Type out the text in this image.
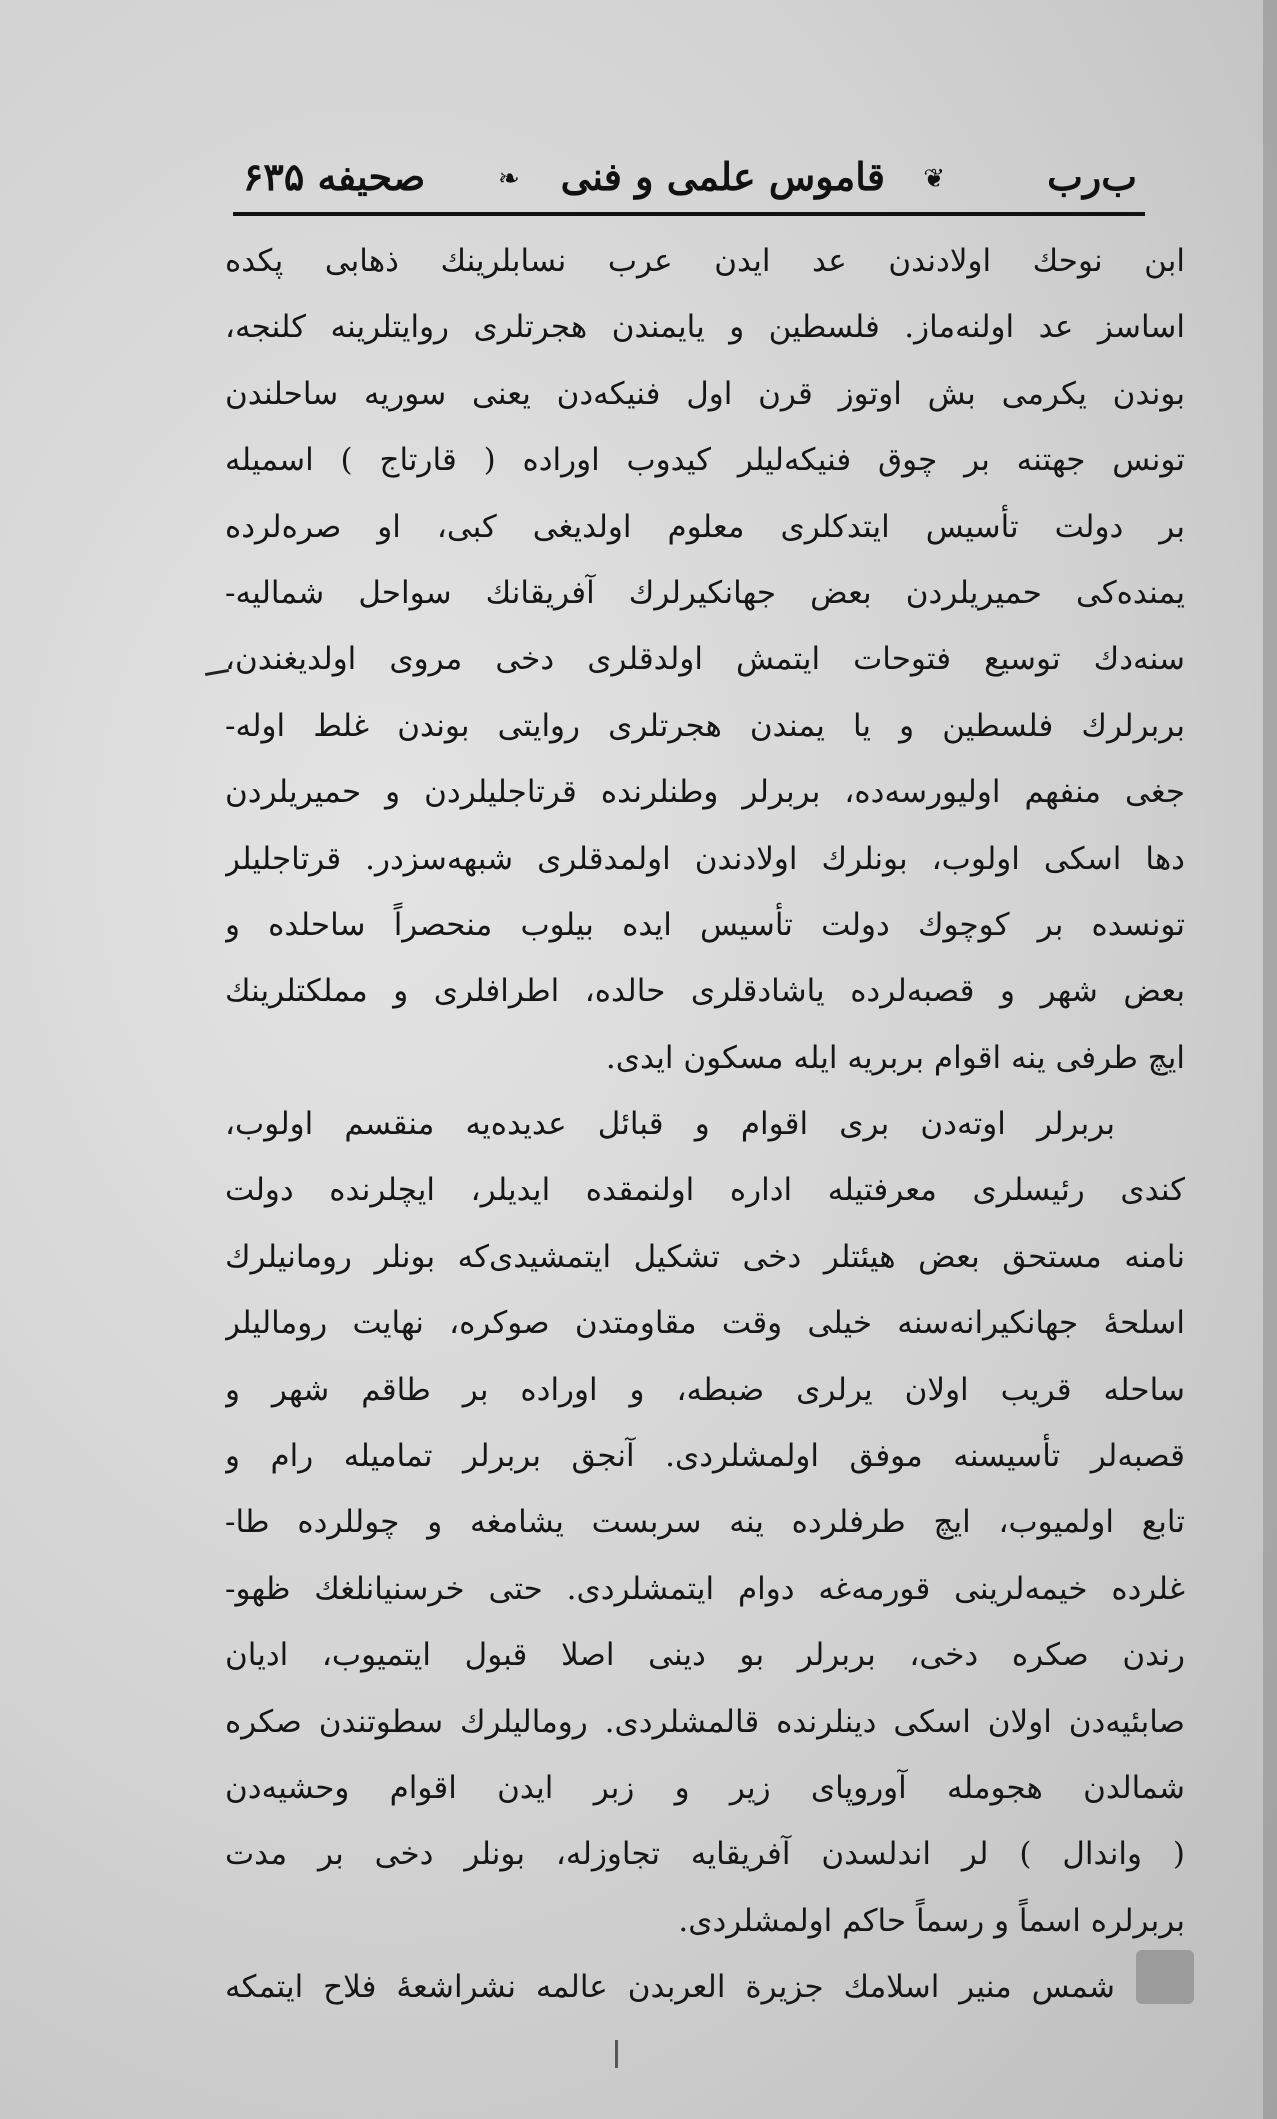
ب‌رب
❦
قاموس علمى و فنى
❧
صحيفه ۶۳۵
ابن نوحك اولادندن عد ايدن عرب نسابلرينك ذهابى پكده
اساسز عد اولنه‌ماز. فلسطين و يايمندن هجرتلرى روايتلرينه كلنجه،
بوندن يكرمى بش اوتوز قرن اول فنيكه‌دن يعنى سوريه ساحلندن
تونس جهتنه بر چوق فنيكه‌ليلر كيدوب اوراده ( قارتاج ) اسميله
بر دولت تأسيس ايتدكلرى معلوم اولديغى كبى، او صره‌لرده
يمنده‌كى حميريلردن بعض جهانكيرلرك آفريقانك سواحل شماليه-
سنه‌دك توسيع فتوحات ايتمش اولدقلرى دخى مروى اولديغندن،
بربرلرك فلسطين و يا يمندن هجرتلرى روايتى بوندن غلط اوله-
جغى منفهم اوليورسه‌ده، بربرلر وطنلرنده قرتاجليلردن و حميريلردن
دها اسكى اولوب، بونلرك اولادندن اولمدقلرى شبهه‌سزدر. قرتاجليلر
تونسده بر كوچوك دولت تأسيس ايده بيلوب منحصراً ساحلده و
بعض شهر و قصبه‌لرده ياشادقلرى حالده، اطرافلرى و مملكتلرينك
ايچ طرفى ينه اقوام بربريه ايله مسكون ايدى.
بربرلر اوته‌دن برى اقوام و قبائل عديده‌يه منقسم اولوب،
كندى رئيسلرى معرفتيله اداره اولنمقده ايديلر، ايچلرنده دولت
نامنه مستحق بعض هيئتلر دخى تشكيل ايتمشيدى‌كه بونلر رومانيلرك
اسلحهٔ جهانكيرانه‌سنه خيلى وقت مقاومتدن صوكره، نهايت روماليلر
ساحله قريب اولان يرلرى ضبطه، و اوراده بر طاقم شهر و
قصبه‌لر تأسيسنه موفق اولمشلردى. آنجق بربرلر تماميله رام و
تابع اولميوب، ايچ طرفلرده ينه سربست يشامغه و چوللرده طا-
غلرده خيمه‌لرينى قورمه‌غه دوام ايتمشلردى. حتى خرسنيانلغك ظهو-
رندن صكره دخى، بربرلر بو دينى اصلا قبول ايتميوب، اديان
صابئيه‌دن اولان اسكى دينلرنده قالمشلردى. روماليلرك سطوتندن صكره
شمالدن هجومله آوروپاى زير و زبر ايدن اقوام وحشيه‌دن
( وانداﻝ ) لر اندلسدن آفريقايه تجاوزله، بونلر دخى بر مدت
بربرلره اسماً و رسماً حاكم اولمشلردى.
شمس منير اسلامك جزيرة العربدن عالمه نشراشعهٔ فلاح ايتمكه
